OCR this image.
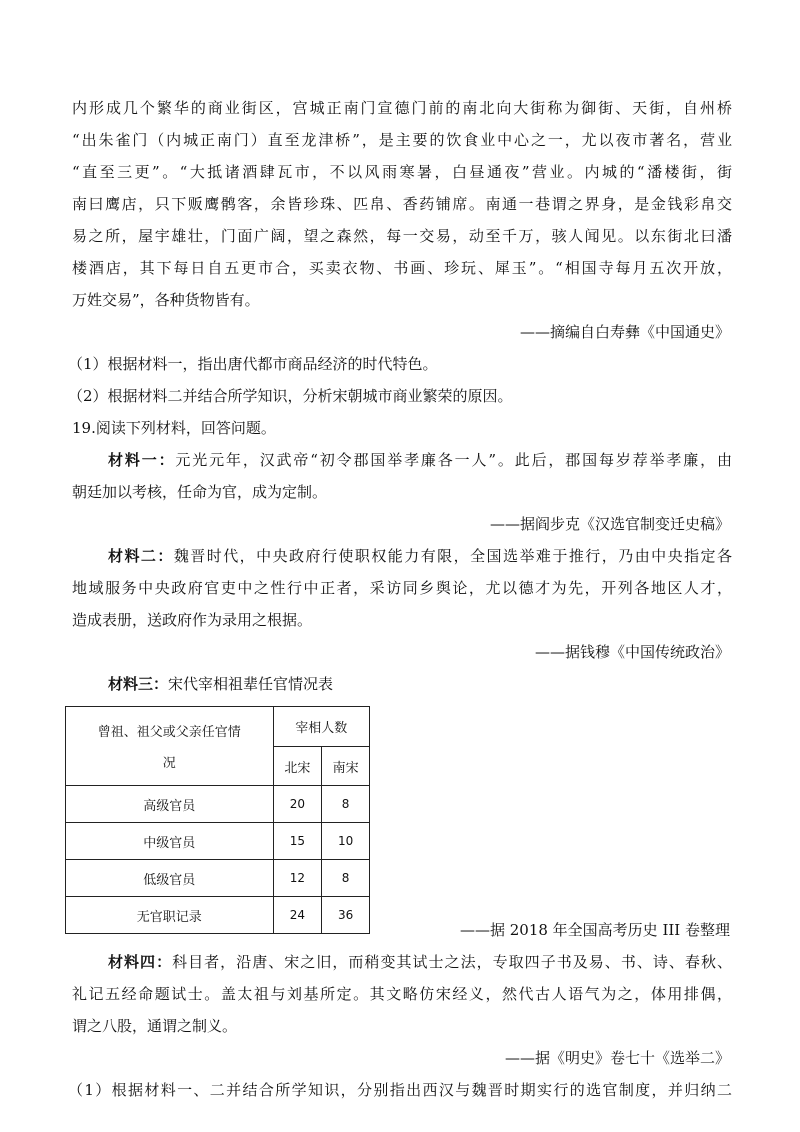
内形成几个繁华的商业街区，宫城正南门宣德门前的南北向大街称为御街、天街，自州桥
“出朱雀门（内城正南门）直至龙津桥”，是主要的饮食业中心之一，尤以夜市著名，营业
“直至三更”。“大抵诸酒肆瓦市，不以风雨寒暑，白昼通夜”营业。内城的“潘楼街，街
南曰鹰店，只下贩鹰鹘客，余皆珍珠、匹帛、香药铺席。南通一巷谓之界身，是金钱彩帛交
易之所，屋宇雄壮，门面广阔，望之森然，每一交易，动至千万，骇人闻见。以东街北曰潘
楼酒店，其下每日自五更市合，买卖衣物、书画、珍玩、犀玉”。“相国寺每月五次开放，
万姓交易”，各种货物皆有。
——摘编自白寿彝《中国通史》
（1）根据材料一，指出唐代都市商品经济的时代特色。
（2）根据材料二并结合所学知识，分析宋朝城市商业繁荣的原因。
19.阅读下列材料，回答问题。
材料一：元光元年，汉武帝“初令郡国举孝廉各一人”。此后，郡国每岁荐举孝廉，由
朝廷加以考核，任命为官，成为定制。
——据阎步克《汉选官制变迁史稿》
材料二：魏晋时代，中央政府行使职权能力有限，全国选举难于推行，乃由中央指定各
地域服务中央政府官吏中之性行中正者，采访同乡舆论，尤以德才为先，开列各地区人才，
造成表册，送政府作为录用之根据。
——据钱穆《中国传统政治》
材料三：宋代宰相祖辈任官情况表
曾祖、祖父或父亲任官情
况	宰相人数	
	北宋	南宋
高级官员	20	8
中级官员	15	10
低级官员	12	8
无官职记录	24	36
——据 2018 年全国高考历史 III 卷整理
材料四：科目者，沿唐、宋之旧，而稍变其试士之法，专取四子书及易、书、诗、春秋、
礼记五经命题试士。盖太祖与刘基所定。其文略仿宋经义，然代古人语气为之，体用排偶，
谓之八股，通谓之制义。
——据《明史》卷七十《选举二》
（1）根据材料一、二并结合所学知识，分别指出西汉与魏晋时期实行的选官制度，并归纳二
